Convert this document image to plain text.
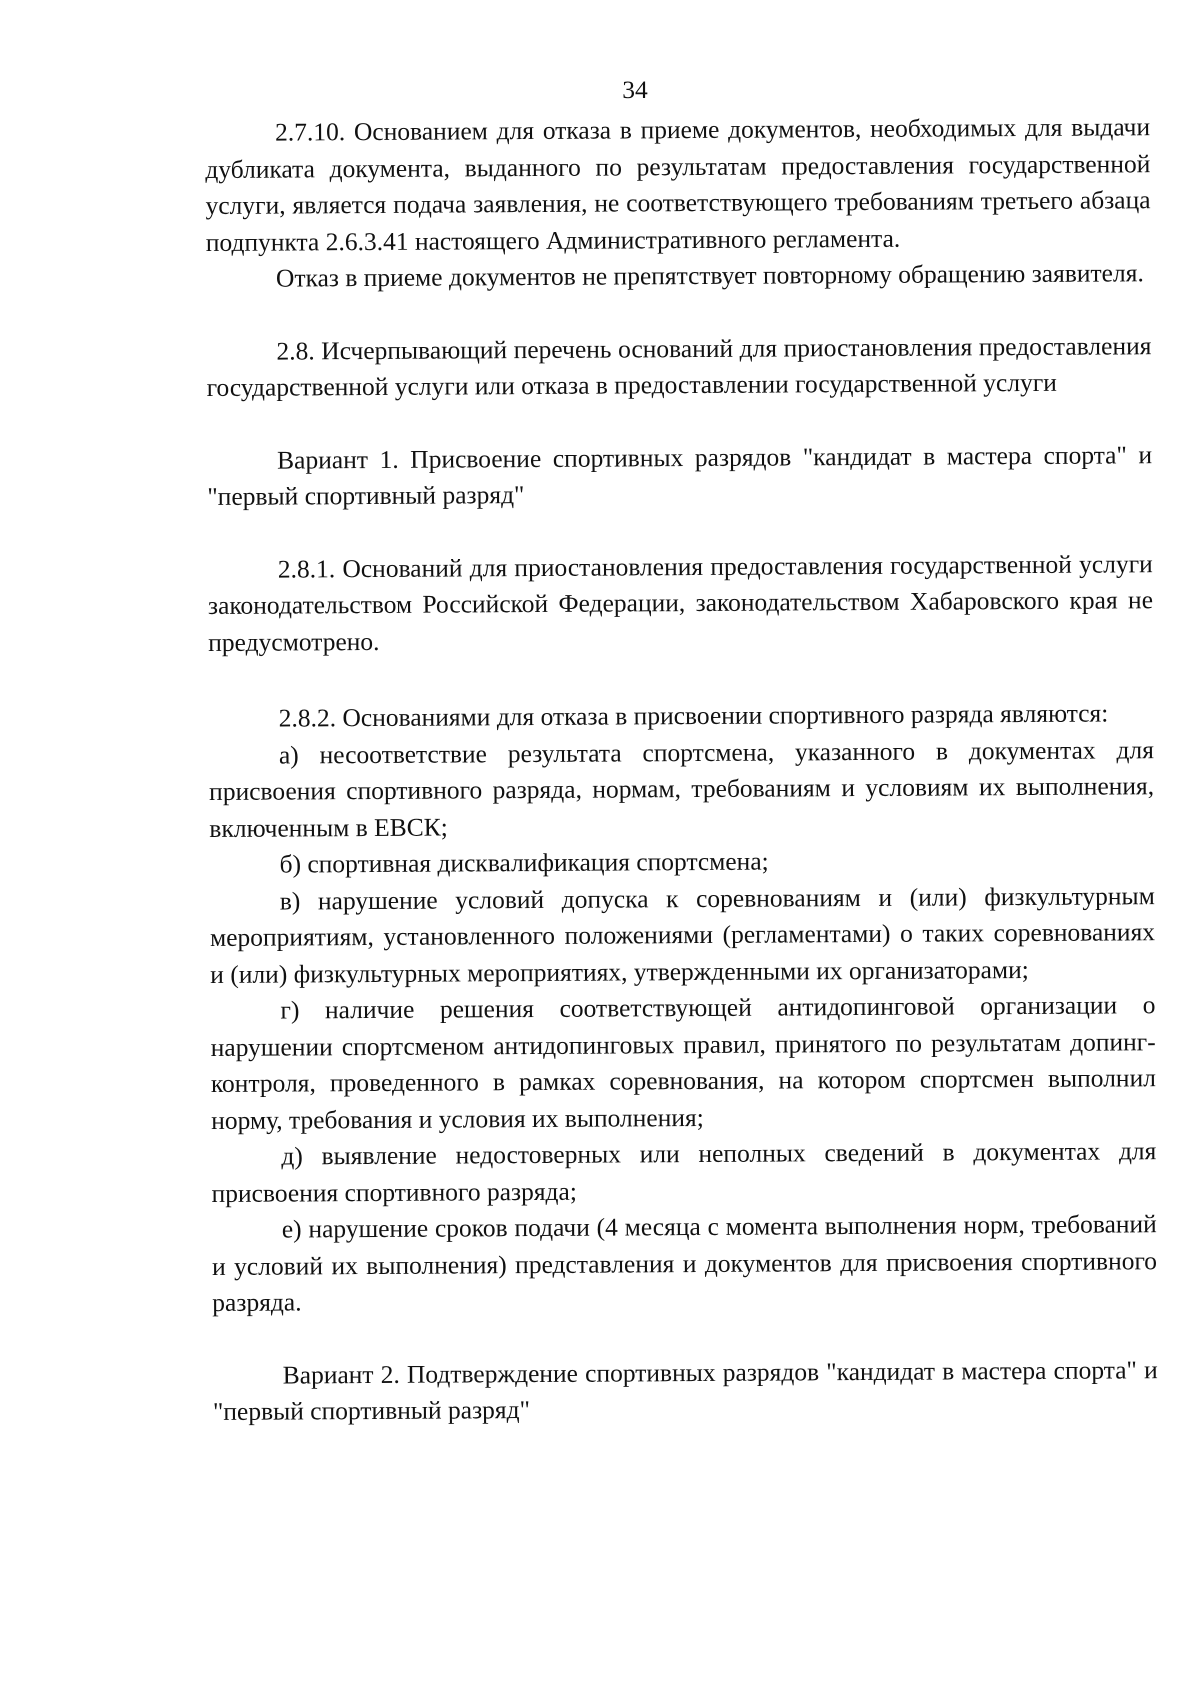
34

2.7.10. Основанием для отказа в приеме документов, необходимых для выдачи дубликата документа, выданного по результатам предоставления государственной услуги, является подача заявления, не соответствующего требованиям третьего абзаца подпункта 2.6.3.41 настоящего Административного регламента.

Отказ в приеме документов не препятствует повторному обращению заявителя.

2.8. Исчерпывающий перечень оснований для приостановления предоставления государственной услуги или отказа в предоставлении государственной услуги

Вариант 1. Присвоение спортивных разрядов "кандидат в мастера спорта" и "первый спортивный разряд"

2.8.1. Оснований для приостановления предоставления государственной услуги законодательством Российской Федерации, законодательством Хабаровского края не предусмотрено.

2.8.2. Основаниями для отказа в присвоении спортивного разряда являются:

а) несоответствие результата спортсмена, указанного в документах для присвоения спортивного разряда, нормам, требованиям и условиям их выполнения, включенным в ЕВСК;

б) спортивная дисквалификация спортсмена;

в) нарушение условий допуска к соревнованиям и (или) физкультурным мероприятиям, установленного положениями (регламентами) о таких соревнованиях и (или) физкультурных мероприятиях, утвержденными их организаторами;

г) наличие решения соответствующей антидопинговой организации о нарушении спортсменом антидопинговых правил, принятого по результатам допинг-контроля, проведенного в рамках соревнования, на котором спортсмен выполнил норму, требования и условия их выполнения;

д) выявление недостоверных или неполных сведений в документах для присвоения спортивного разряда;

е) нарушение сроков подачи (4 месяца с момента выполнения норм, требований и условий их выполнения) представления и документов для присвоения спортивного разряда.

Вариант 2. Подтверждение спортивных разрядов "кандидат в мастера спорта" и "первый спортивный разряд"
